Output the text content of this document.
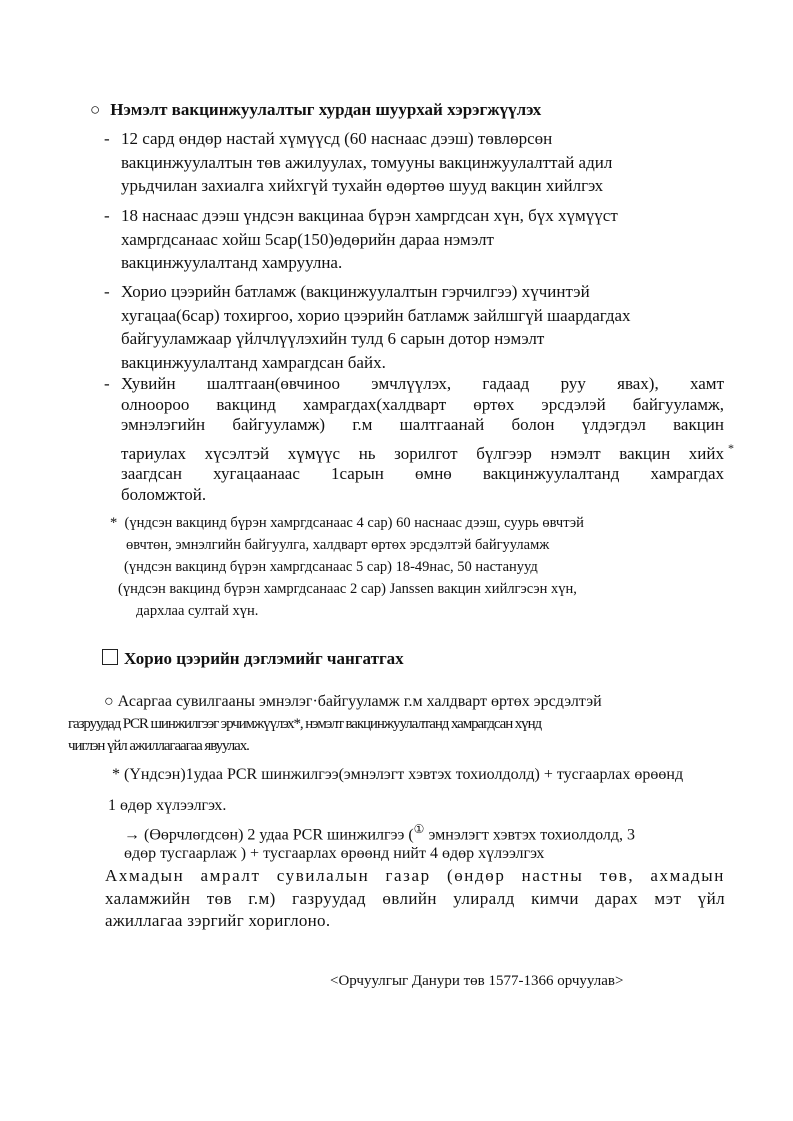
○ Нэмэлт вакцинжуулалтыг хурдан шуурхай хэрэгжүүлэх
- 12 сард өндөр настай хүмүүсд (60 наснаас дээш) төвлөрсөн
вакцинжуулалтын төв ажилуулах, томууны вакцинжуулалттай адил
урьдчилан захиалга хийхгүй тухайн өдөртөө шууд вакцин хийлгэх
- 18 наснаас дээш үндсэн вакцинаа бүрэн хамргдсан хүн, бүх хүмүүст
хамргдсанаас хойш 5сар(150)өдөрийн дараа нэмэлт
вакцинжуулалтанд хамруулна.
- Хорио цээрийн батламж (вакцинжуулалтын гэрчилгээ) хүчинтэй
хугацаа(6сар) тохиргоо, хорио цээрийн батламж зайлшгүй шаардагдах
байгууламжаар үйлчлүүлэхийн тулд 6 сарын дотор нэмэлт
вакцинжуулалтанд хамрагдсан байх.
- Хувийн шалтгаан(өвчиноо эмчлүүлэх, гадаад руу явах), хамт
олноороо вакцинд хамрагдах(халдварт өртөх эрсдэлэй байгууламж,
эмнэлэгийн байгууламж) г.м шалтгаанай болон үлдэгдэл вакцин
тариулах хүсэлтэй хүмүүс нь зорилгот бүлгээр нэмэлт вакцин хийх *
заагдсан хугацаанаас 1сарын өмнө вакцинжуулалтанд хамрагдах
боломжтой.
* (үндсэн вакцинд бүрэн хамргдсанаас 4 сар) 60 наснаас дээш, суурь өвчтэй
өвчтөн, эмнэлгийн байгуулга, халдварт өртөх эрсдэлтэй байгууламж
(үндсэн вакцинд бүрэн хамргдсанаас 5 сар) 18-49нас, 50 настанууд
(үндсэн вакцинд бүрэн хамргдсанаас 2 сар) Janssen вакцин хийлгэсэн хүн,
дархлаа султай хүн.
Хорио цээрийн дэглэмийг чангатгах
○ Асаргаа сувилгааны эмнэлэг·байгууламж г.м халдварт өртөх эрсдэлтэй
газруудад PCR шинжилгээг эрчимжүүлэх*, нэмэлт вакцинжуулалтанд хамрагдсан хүнд
чиглэн үйл ажиллагаагаа явуулах.
* (Үндсэн)1удаа PCR шинжилгээ(эмнэлэгт хэвтэх тохиолдолд) + тусгаарлах өрөөнд
1 өдөр хүлээлгэх.
→ (Өөрчлөгдсөн) 2 удаа PCR шинжилгээ (① эмнэлэгт хэвтэх тохиолдолд, 3
өдөр тусгаарлаж ) + тусгаарлах өрөөнд нийт 4 өдөр хүлээлгэх
Ахмадын амралт сувилалын газар (өндөр настны төв, ахмадын
халамжийн төв г.м) газруудад өвлийн улиралд кимчи дарах мэт үйл
ажиллагаа зэргийг хориглоно.
<Орчуулгыг Данури төв 1577-1366 орчуулав>
